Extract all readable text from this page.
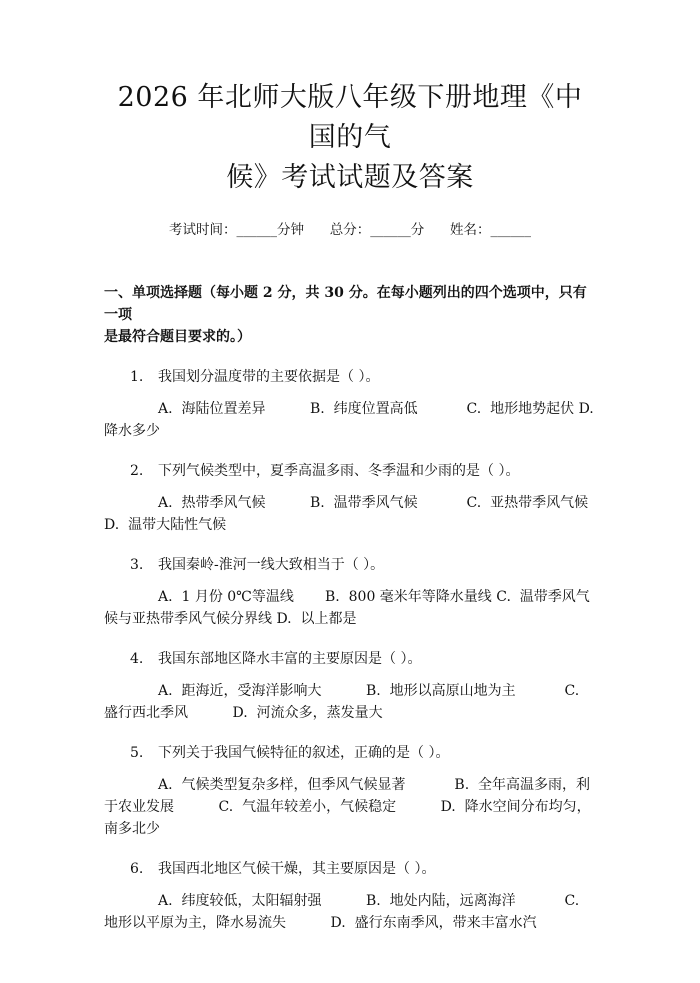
2026 年北师大版八年级下册地理《中国的气
候》考试试题及答案
考试时间：______分钟      总分：______分      姓名：______
一、单项选择题（每小题 2 分，共 30 分。在每小题列出的四个选项中，只有一项
是最符合题目要求的。）
1. 我国划分温度带的主要依据是（ ）。
A.  海陆位置差异          B.  纬度位置高低           C.  地形地势起伏 D.  降水多少
2. 下列气候类型中，夏季高温多雨、冬季温和少雨的是（ ）。
A.  热带季风气候          B.  温带季风气候           C.  亚热带季风气候 D.  温带大陆性气候
3. 我国秦岭-淮河一线大致相当于（ ）。
A.  1 月份 0℃等温线       B.  800 毫米年等降水量线 C.  温带季风气候与亚热带季风气候分界线 D.  以上都是
4. 我国东部地区降水丰富的主要原因是（ ）。
A.  距海近，受海洋影响大          B.  地形以高原山地为主           C.  盛行西北季风          D.  河流众多，蒸发量大
5. 下列关于我国气候特征的叙述，正确的是（ ）。
A.  气候类型复杂多样，但季风气候显著           B.  全年高温多雨，利于农业发展          C.  气温年较差小，气候稳定          D.  降水空间分布均匀，南多北少
6. 我国西北地区气候干燥，其主要原因是（ ）。
A.  纬度较低，太阳辐射强          B.  地处内陆，远离海洋           C.  地形以平原为主，降水易流失          D.  盛行东南季风，带来丰富水汽
